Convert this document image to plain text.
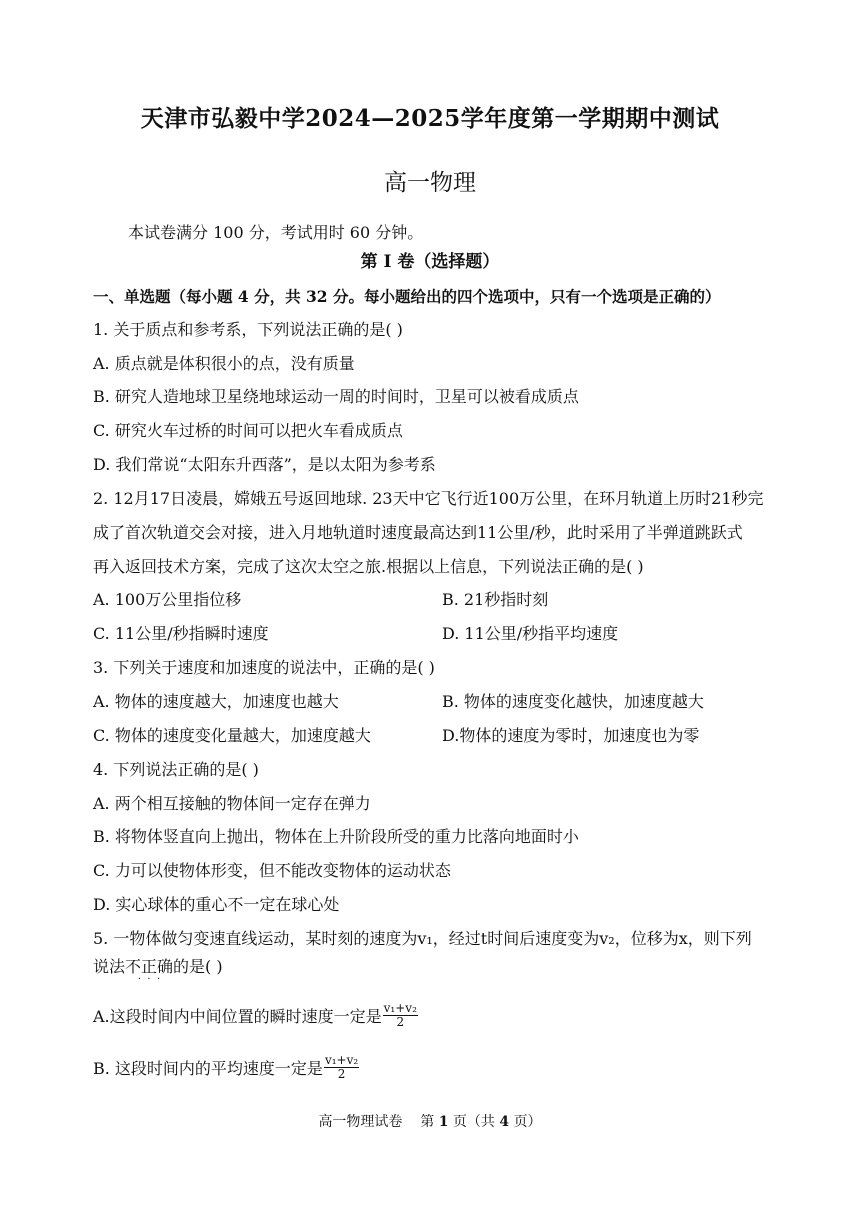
天津市弘毅中学2024—2025学年度第一学期期中测试
高一物理
本试卷满分 100 分，考试用时 60 分钟。
第 I 卷（选择题）
一、单选题（每小题 4 分，共 32 分。每小题给出的四个选项中，只有一个选项是正确的）
1. 关于质点和参考系，下列说法正确的是( )
A. 质点就是体积很小的点，没有质量
B. 研究人造地球卫星绕地球运动一周的时间时，卫星可以被看成质点
C. 研究火车过桥的时间可以把火车看成质点
D. 我们常说“太阳东升西落”，是以太阳为参考系
2. 12月17日凌晨，嫦娥五号返回地球. 23天中它飞行近100万公里，在环月轨道上历时21秒完
成了首次轨道交会对接，进入月地轨道时速度最高达到11公里/秒，此时采用了半弹道跳跃式
再入返回技术方案，完成了这次太空之旅.根据以上信息，下列说法正确的是( )
A. 100万公里指位移	B. 21秒指时刻
C. 11公里/秒指瞬时速度	D. 11公里/秒指平均速度
3. 下列关于速度和加速度的说法中，正确的是( )
A. 物体的速度越大，加速度也越大	B. 物体的速度变化越快，加速度越大
C. 物体的速度变化量越大，加速度越大	D.物体的速度为零时，加速度也为零
4. 下列说法正确的是( )
A. 两个相互接触的物体间一定存在弹力
B. 将物体竖直向上抛出，物体在上升阶段所受的重力比落向地面时小
C. 力可以使物体形变，但不能改变物体的运动状态
D. 实心球体的重心不一定在球心处
5. 一物体做匀变速直线运动，某时刻的速度为v₁，经过t时间后速度变为v₂，位移为x，则下列
说法不正确
·  ·  ·
的是( )
A.这段时间内中间位置的瞬时速度一定是 $\frac{\text{v₁+v₂}}{2}$
B. 这段时间内的平均速度一定是 $\frac{\text{v₁+v₂}}{2}$
高一物理试卷 第 1 页（共 4 页）
